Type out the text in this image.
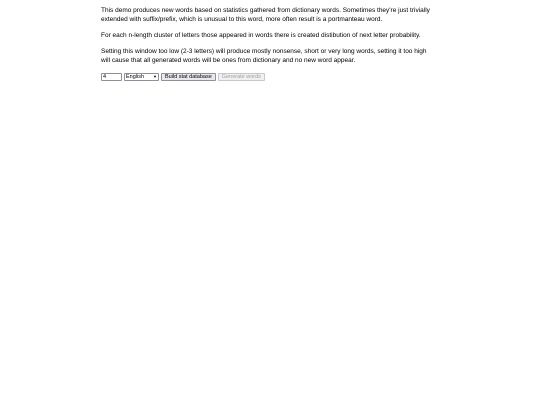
This demo produces new words based on statistics gathered from dictionary words. Sometimes they're just trivially extended with suffix/prefix, which is unusual to this word, more often result is a portmanteau word.

For each n-length cluster of letters those appeared in words there is created distibution of next letter probability.

Setting this window too low (2-3 letters) will produce mostly nonsense, short or very long words, setting it too high will cause that all generated words will be ones from dictionary and no new word appear.

4
English ▼	Build stat database	Generate words
